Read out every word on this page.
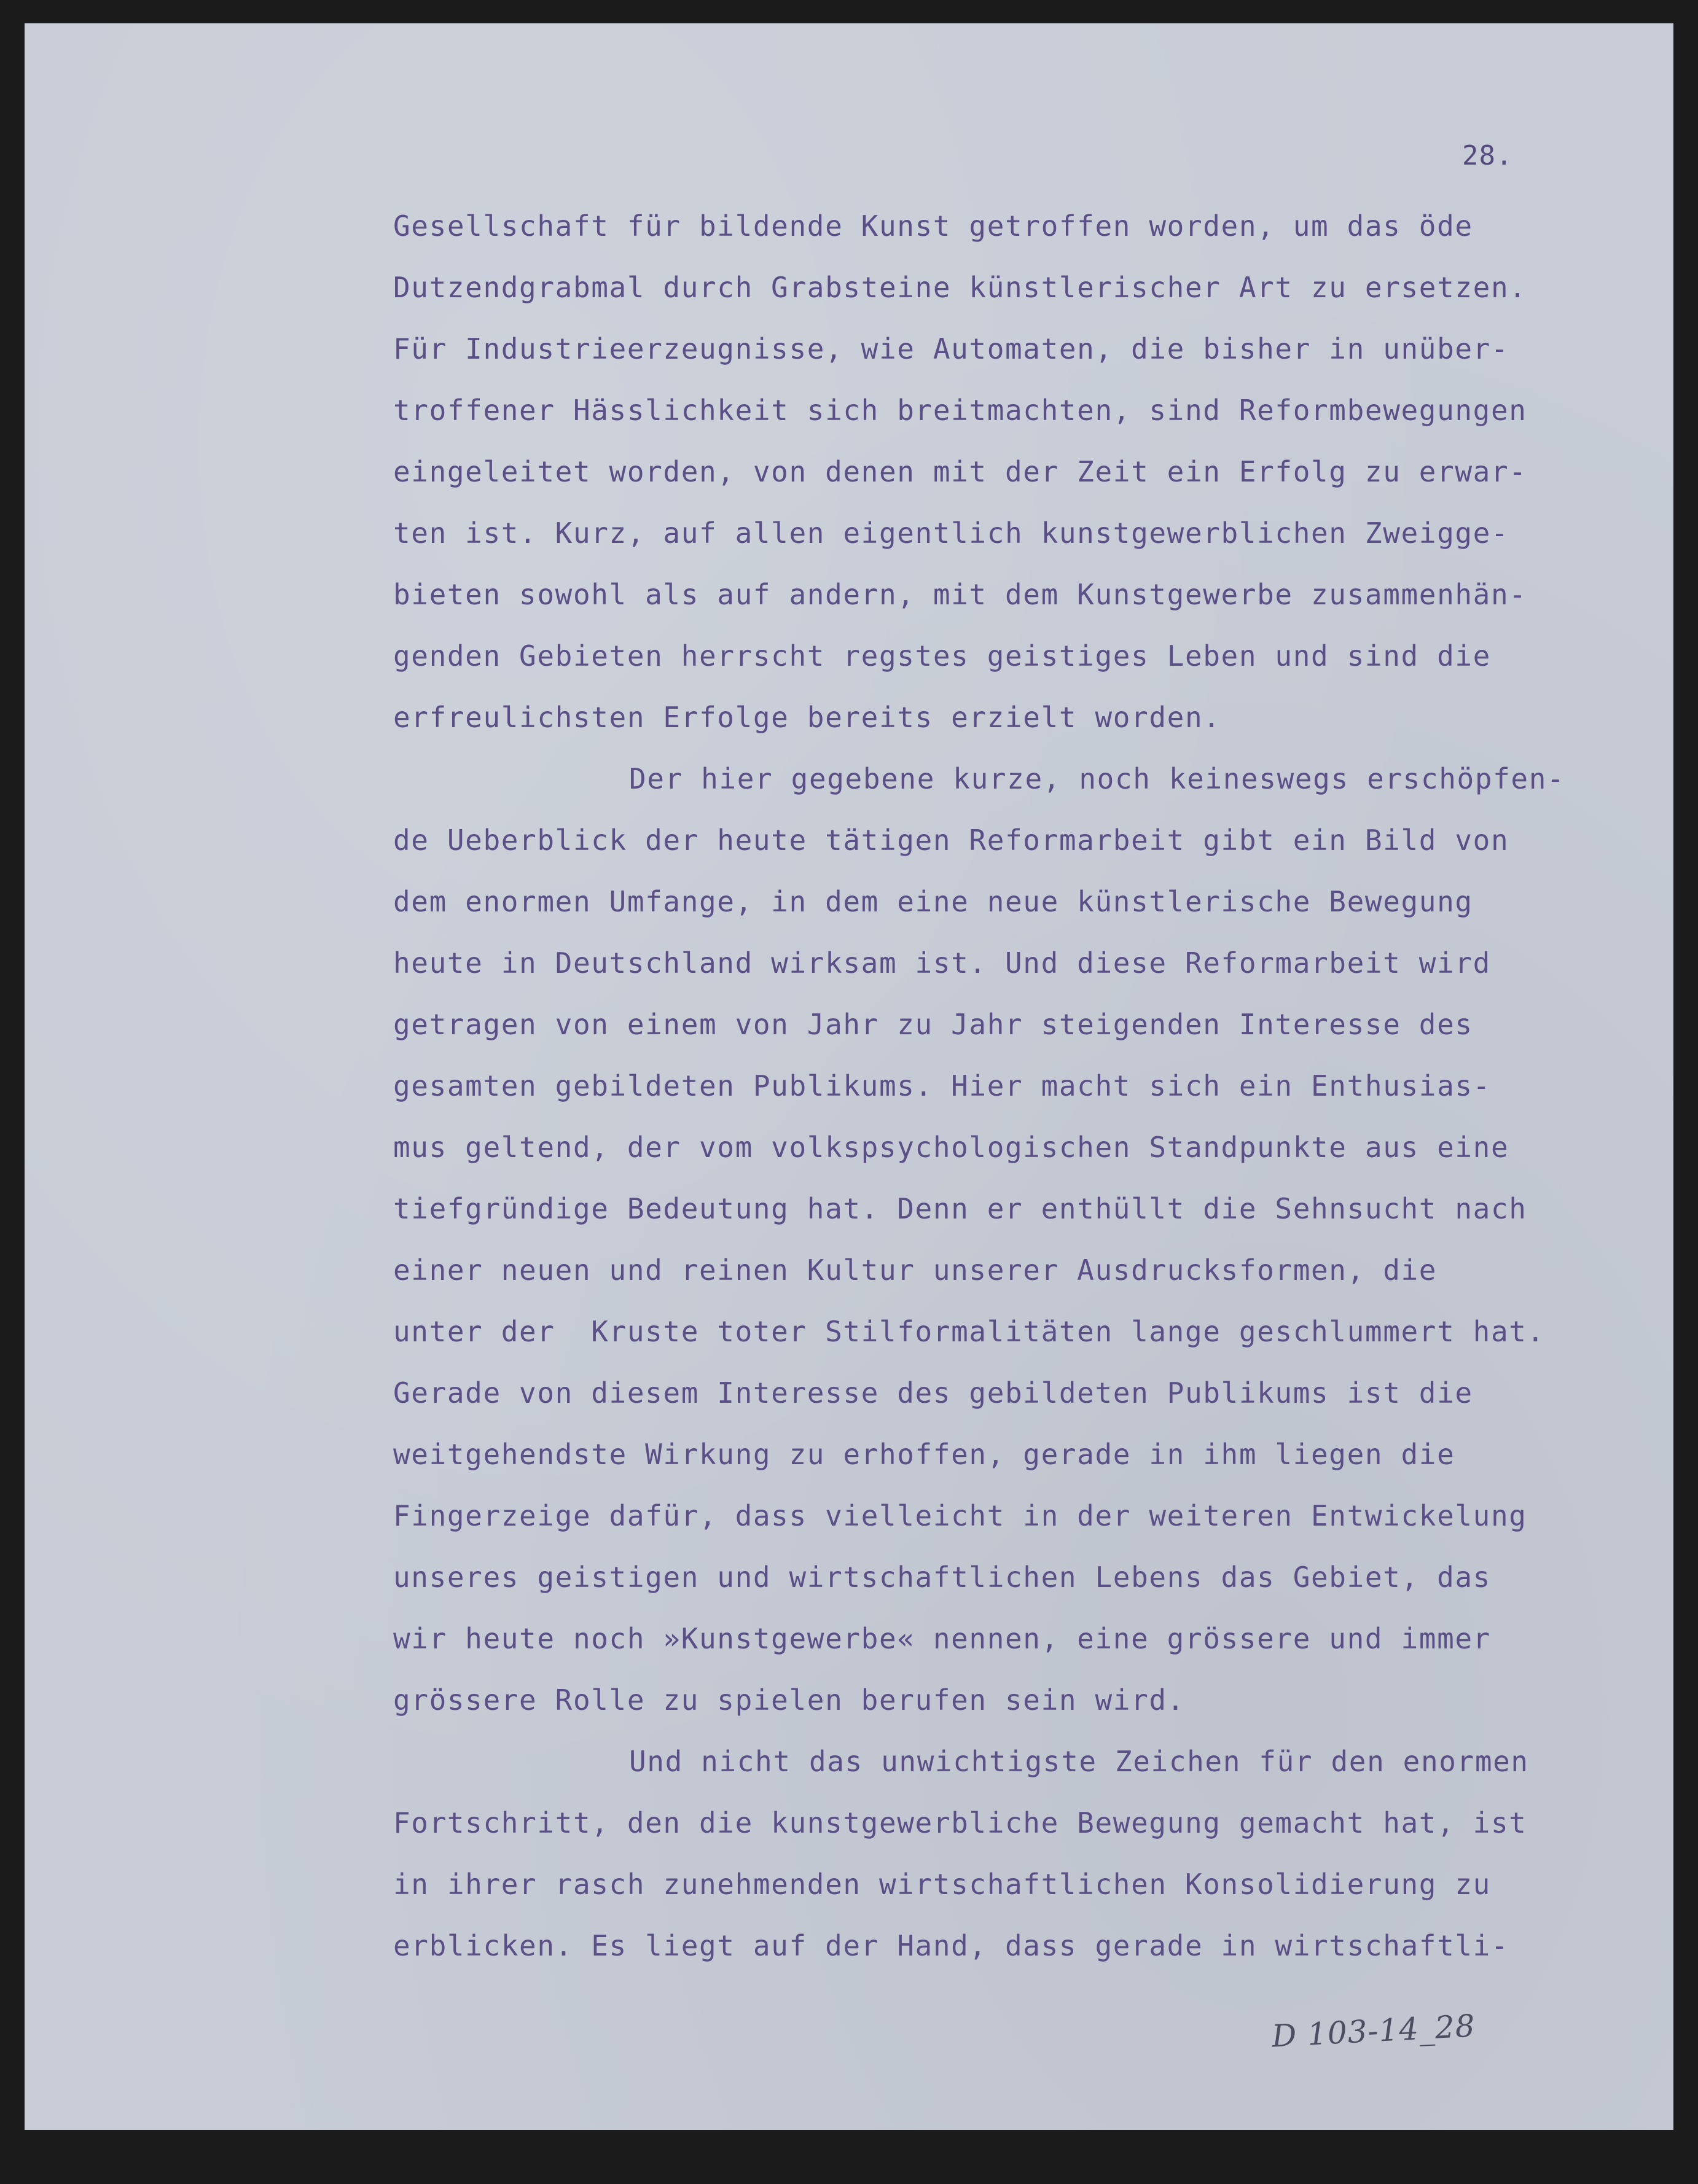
28.
Gesellschaft für bildende Kunst getroffen worden, um das öde
Dutzendgrabmal durch Grabsteine künstlerischer Art zu ersetzen.
Für Industrieerzeugnisse, wie Automaten, die bisher in unüber-
troffener Hässlichkeit sich breitmachten, sind Reformbewegungen
eingeleitet worden, von denen mit der Zeit ein Erfolg zu erwar-
ten ist. Kurz, auf allen eigentlich kunstgewerblichen Zweigge-
bieten sowohl als auf andern, mit dem Kunstgewerbe zusammenhän-
genden Gebieten herrscht regstes geistiges Leben und sind die
erfreulichsten Erfolge bereits erzielt worden.
Der hier gegebene kurze, noch keineswegs erschöpfen-
de Ueberblick der heute tätigen Reformarbeit gibt ein Bild von
dem enormen Umfange, in dem eine neue künstlerische Bewegung
heute in Deutschland wirksam ist. Und diese Reformarbeit wird
getragen von einem von Jahr zu Jahr steigenden Interesse des
gesamten gebildeten Publikums. Hier macht sich ein Enthusias-
mus geltend, der vom volkspsychologischen Standpunkte aus eine
tiefgründige Bedeutung hat. Denn er enthüllt die Sehnsucht nach
einer neuen und reinen Kultur unserer Ausdrucksformen, die
unter der  Kruste toter Stilformalitäten lange geschlummert hat.
Gerade von diesem Interesse des gebildeten Publikums ist die
weitgehendste Wirkung zu erhoffen, gerade in ihm liegen die
Fingerzeige dafür, dass vielleicht in der weiteren Entwickelung
unseres geistigen und wirtschaftlichen Lebens das Gebiet, das
wir heute noch »Kunstgewerbe« nennen, eine grössere und immer
grössere Rolle zu spielen berufen sein wird.
Und nicht das unwichtigste Zeichen für den enormen
Fortschritt, den die kunstgewerbliche Bewegung gemacht hat, ist
in ihrer rasch zunehmenden wirtschaftlichen Konsolidierung zu
erblicken. Es liegt auf der Hand, dass gerade in wirtschaftli-
D 103-14_28
